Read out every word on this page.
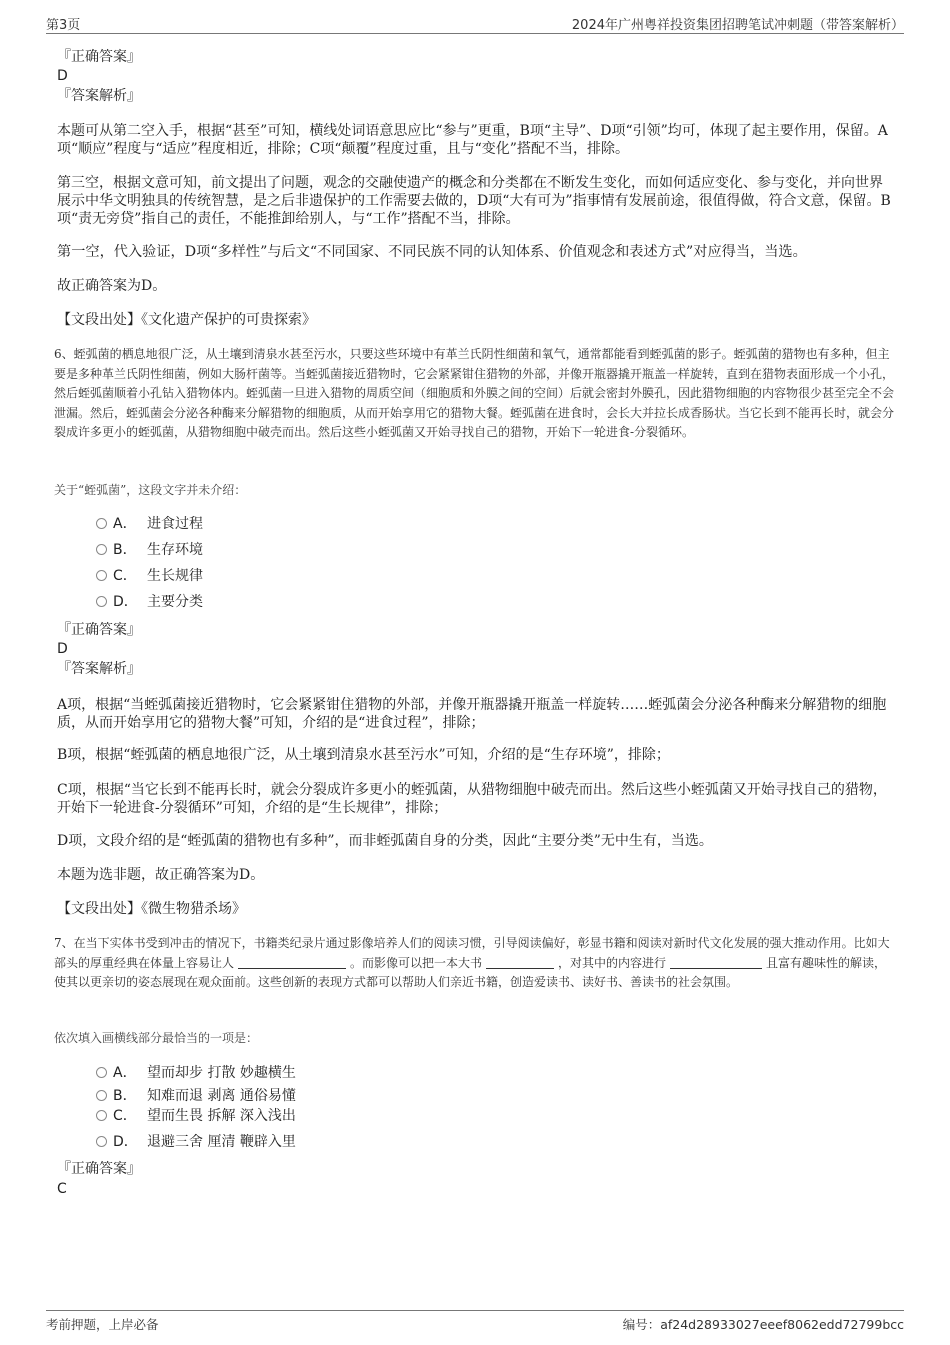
第3页	2024年广州粤祥投资集团招聘笔试冲刺题（带答案解析）
『正确答案』
D
『答案解析』
本题可从第二空入手，根据“甚至”可知，横线处词语意思应比“参与”更重，B项“主导”、D项“引领”均可，体现了起主要作用，保留。A项“顺应”程度与“适应”程度相近，排除；C项“颠覆”程度过重，且与“变化”搭配不当，排除。
第三空，根据文意可知，前文提出了问题，观念的交融使遗产的概念和分类都在不断发生变化，而如何适应变化、参与变化，并向世界展示中华文明独具的传统智慧，是之后非遗保护的工作需要去做的，D项“大有可为”指事情有发展前途，很值得做，符合文意，保留。B项“责无旁贷”指自己的责任，不能推卸给别人，与“工作”搭配不当，排除。
第一空，代入验证，D项“多样性”与后文“不同国家、不同民族不同的认知体系、价值观念和表述方式”对应得当，当选。
故正确答案为D。
【文段出处】《文化遗产保护的可贵探索》
6、蛭弧菌的栖息地很广泛，从土壤到清泉水甚至污水，只要这些环境中有革兰氏阴性细菌和氧气，通常都能看到蛭弧菌的影子。蛭弧菌的猎物也有多种，但主要是多种革兰氏阴性细菌，例如大肠杆菌等。当蛭弧菌接近猎物时，它会紧紧钳住猎物的外部，并像开瓶器撬开瓶盖一样旋转，直到在猎物表面形成一个小孔，然后蛭弧菌顺着小孔钻入猎物体内。蛭弧菌一旦进入猎物的周质空间（细胞质和外膜之间的空间）后就会密封外膜孔，因此猎物细胞的内容物很少甚至完全不会泄漏。然后，蛭弧菌会分泌各种酶来分解猎物的细胞质，从而开始享用它的猎物大餐。蛭弧菌在进食时，会长大并拉长成香肠状。当它长到不能再长时，就会分裂成许多更小的蛭弧菌，从猎物细胞中破壳而出。然后这些小蛭弧菌又开始寻找自己的猎物，开始下一轮进食-分裂循环。
关于“蛭弧菌”，这段文字并未介绍：
A． 进食过程
B． 生存环境
C． 生长规律
D． 主要分类
『正确答案』
D
『答案解析』
A项，根据“当蛭弧菌接近猎物时，它会紧紧钳住猎物的外部，并像开瓶器撬开瓶盖一样旋转……蛭弧菌会分泌各种酶来分解猎物的细胞质，从而开始享用它的猎物大餐”可知，介绍的是“进食过程”，排除；
B项，根据“蛭弧菌的栖息地很广泛，从土壤到清泉水甚至污水”可知，介绍的是“生存环境”，排除；
C项，根据“当它长到不能再长时，就会分裂成许多更小的蛭弧菌，从猎物细胞中破壳而出。然后这些小蛭弧菌又开始寻找自己的猎物，开始下一轮进食-分裂循环”可知，介绍的是“生长规律”，排除；
D项，文段介绍的是“蛭弧菌的猎物也有多种”，而非蛭弧菌自身的分类，因此“主要分类”无中生有，当选。
本题为选非题，故正确答案为D。
【文段出处】《微生物猎杀场》
7、在当下实体书受到冲击的情况下，书籍类纪录片通过影像培养人们的阅读习惯，引导阅读偏好，彰显书籍和阅读对新时代文化发展的强大推动作用。比如大部头的厚重经典在体量上容易让人	。而影像可以把一本大书	，对其中的内容进行	且富有趣味性的解读，使其以更亲切的姿态展现在观众面前。这些创新的表现方式都可以帮助人们亲近书籍，创造爱读书、读好书、善读书的社会氛围。
依次填入画横线部分最恰当的一项是：
A． 望而却步 打散 妙趣横生
B． 知难而退 剥离 通俗易懂
C． 望而生畏 拆解 深入浅出
D． 退避三舍 厘清 鞭辟入里
『正确答案』
C
考前押题，上岸必备	编号：af24d28933027eeef8062edd72799bcc
